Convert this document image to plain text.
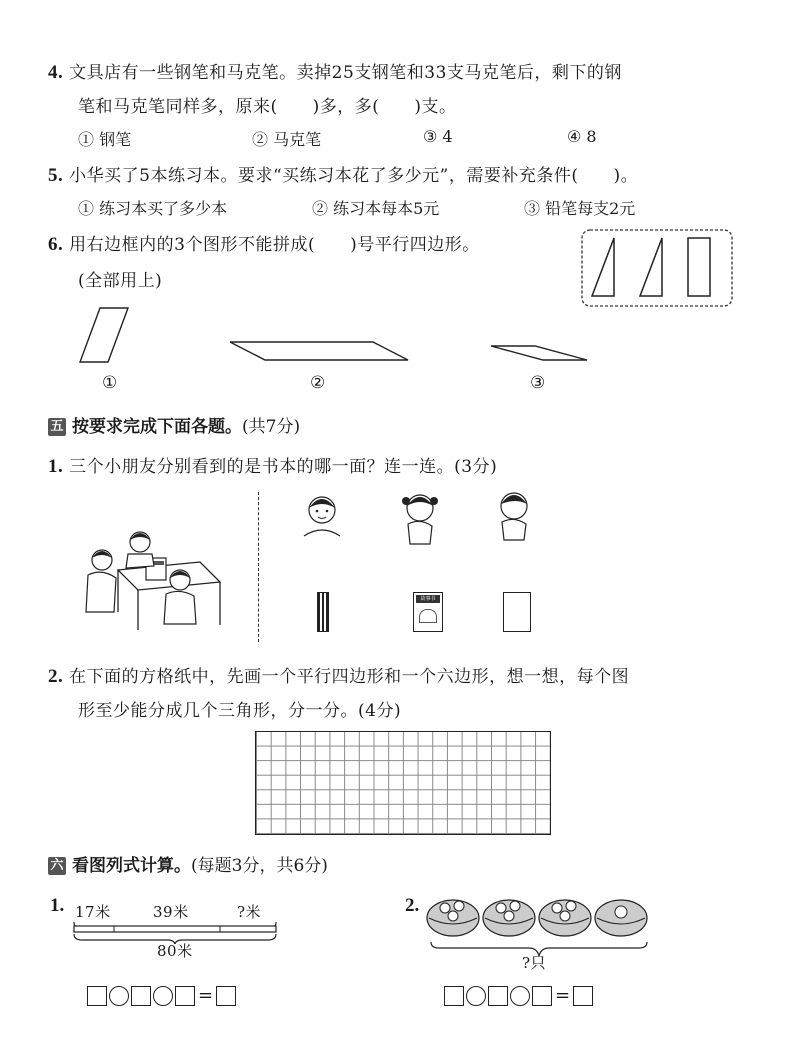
4. 文具店有一些钢笔和马克笔。卖掉25支钢笔和33支马克笔后，剩下的钢
笔和马克笔同样多，原来(　　)多，多(　　)支。
① 钢笔	② 马克笔	③ 4	④ 8
5. 小华买了5本练习本。要求“买练习本花了多少元”，需要补充条件(　　)。
① 练习本买了多少本	② 练习本每本5元	③ 铅笔每支2元
6. 用右边框内的3个图形不能拼成(　　)号平行四边形。
(全部用上)
①	②	③
五 按要求完成下面各题。(共7分)
1. 三个小朋友分别看到的是书本的哪一面？连一连。(3分)
故事书
2. 在下面的方格纸中，先画一个平行四边形和一个六边形，想一想，每个图
形至少能分成几个三角形，分一分。(4分)
六 看图列式计算。(每题3分，共6分)
1. 17米	39米	?米
80米
=
2.
?只
=
